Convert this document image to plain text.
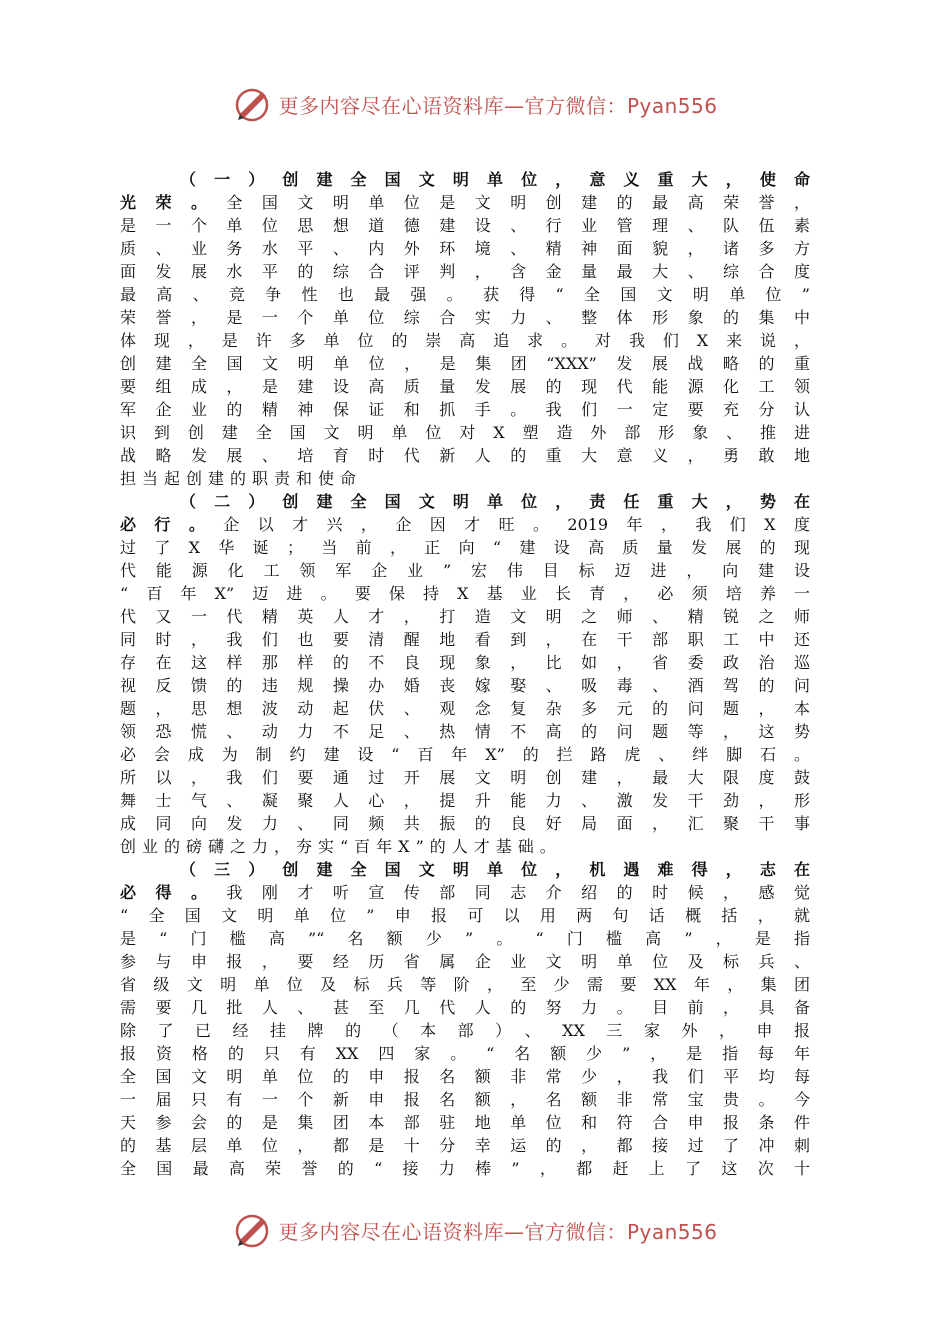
更多内容尽在心语资料库—官方微信：Pyan556
（一）创建全国文明单位，意义重大，使命
光荣。全国文明单位是文明创建的最高荣誉，
是一个单位思想道德建设、行业管理、队伍素
质、业务水平、内外环境、精神面貌，诸多方
面发展水平的综合评判，含金量最大、综合度
最高、竞争性也最强。获得“全国文明单位”
荣誉，是一个单位综合实力、整体形象的集中
体现，是许多单位的崇高追求。对我们X来说，
创建全国文明单位，是集团“XXX”发展战略的重
要组成，是建设高质量发展的现代能源化工领
军企业的精神保证和抓手。我们一定要充分认
识到创建全国文明单位对X塑造外部形象、推进
战略发展、培育时代新人的重大意义，勇敢地
担当起创建的职责和使命
（二）创建全国文明单位，责任重大，势在
必行。企以才兴，企因才旺。2019年，我们X度
过了X华诞；当前，正向“建设高质量发展的现
代能源化工领军企业”宏伟目标迈进，向建设
“百年X”迈进。要保持X基业长青，必须培养一
代又一代精英人才，打造文明之师、精锐之师
同时，我们也要清醒地看到，在干部职工中还
存在这样那样的不良现象，比如，省委政治巡
视反馈的违规操办婚丧嫁娶、吸毒、酒驾的问
题，思想波动起伏、观念复杂多元的问题，本
领恐慌、动力不足、热情不高的问题等，这势
必会成为制约建设“百年X”的拦路虎、绊脚石。
所以，我们要通过开展文明创建，最大限度鼓
舞士气、凝聚人心，提升能力、激发干劲，形
成同向发力、同频共振的良好局面，汇聚干事
创业的磅礴之力，夯实“百年X”的人才基础。
（三）创建全国文明单位，机遇难得，志在
必得。我刚才听宣传部同志介绍的时候，感觉
“全国文明单位”申报可以用两句话概括，就
是“门槛高”“名额少”。“门槛高”，是指
参与申报，要经历省属企业文明单位及标兵、
省级文明单位及标兵等阶，至少需要XX年，集团
需要几批人、甚至几代人的努力。目前，具备
除了已经挂牌的（本部）、XX三家外，申报
报资格的只有XX四家。“名额少”，是指每年
全国文明单位的申报名额非常少，我们平均每
一届只有一个新申报名额，名额非常宝贵。今
天参会的是集团本部驻地单位和符合申报条件
的基层单位，都是十分幸运的，都接过了冲刺
全国最高荣誉的“接力棒”，都赶上了这次十
更多内容尽在心语资料库—官方微信：Pyan556
